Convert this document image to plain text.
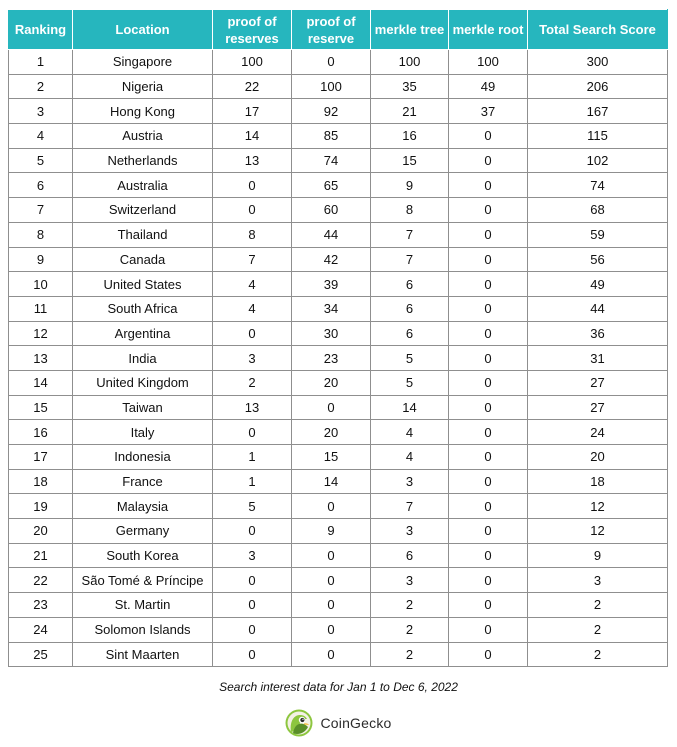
Ranking	Location	proof of reserves	proof of reserve	merkle tree	merkle root	Total Search Score
1	Singapore	100	0	100	100	300
2	Nigeria	22	100	35	49	206
3	Hong Kong	17	92	21	37	167
4	Austria	14	85	16	0	115
5	Netherlands	13	74	15	0	102
6	Australia	0	65	9	0	74
7	Switzerland	0	60	8	0	68
8	Thailand	8	44	7	0	59
9	Canada	7	42	7	0	56
10	United States	4	39	6	0	49
11	South Africa	4	34	6	0	44
12	Argentina	0	30	6	0	36
13	India	3	23	5	0	31
14	United Kingdom	2	20	5	0	27
15	Taiwan	13	0	14	0	27
16	Italy	0	20	4	0	24
17	Indonesia	1	15	4	0	20
18	France	1	14	3	0	18
19	Malaysia	5	0	7	0	12
20	Germany	0	9	3	0	12
21	South Korea	3	0	6	0	9
22	São Tomé & Príncipe	0	0	3	0	3
23	St. Martin	0	0	2	0	2
24	Solomon Islands	0	0	2	0	2
25	Sint Maarten	0	0	2	0	2
Search interest data for Jan 1 to Dec 6, 2022
CoinGecko
